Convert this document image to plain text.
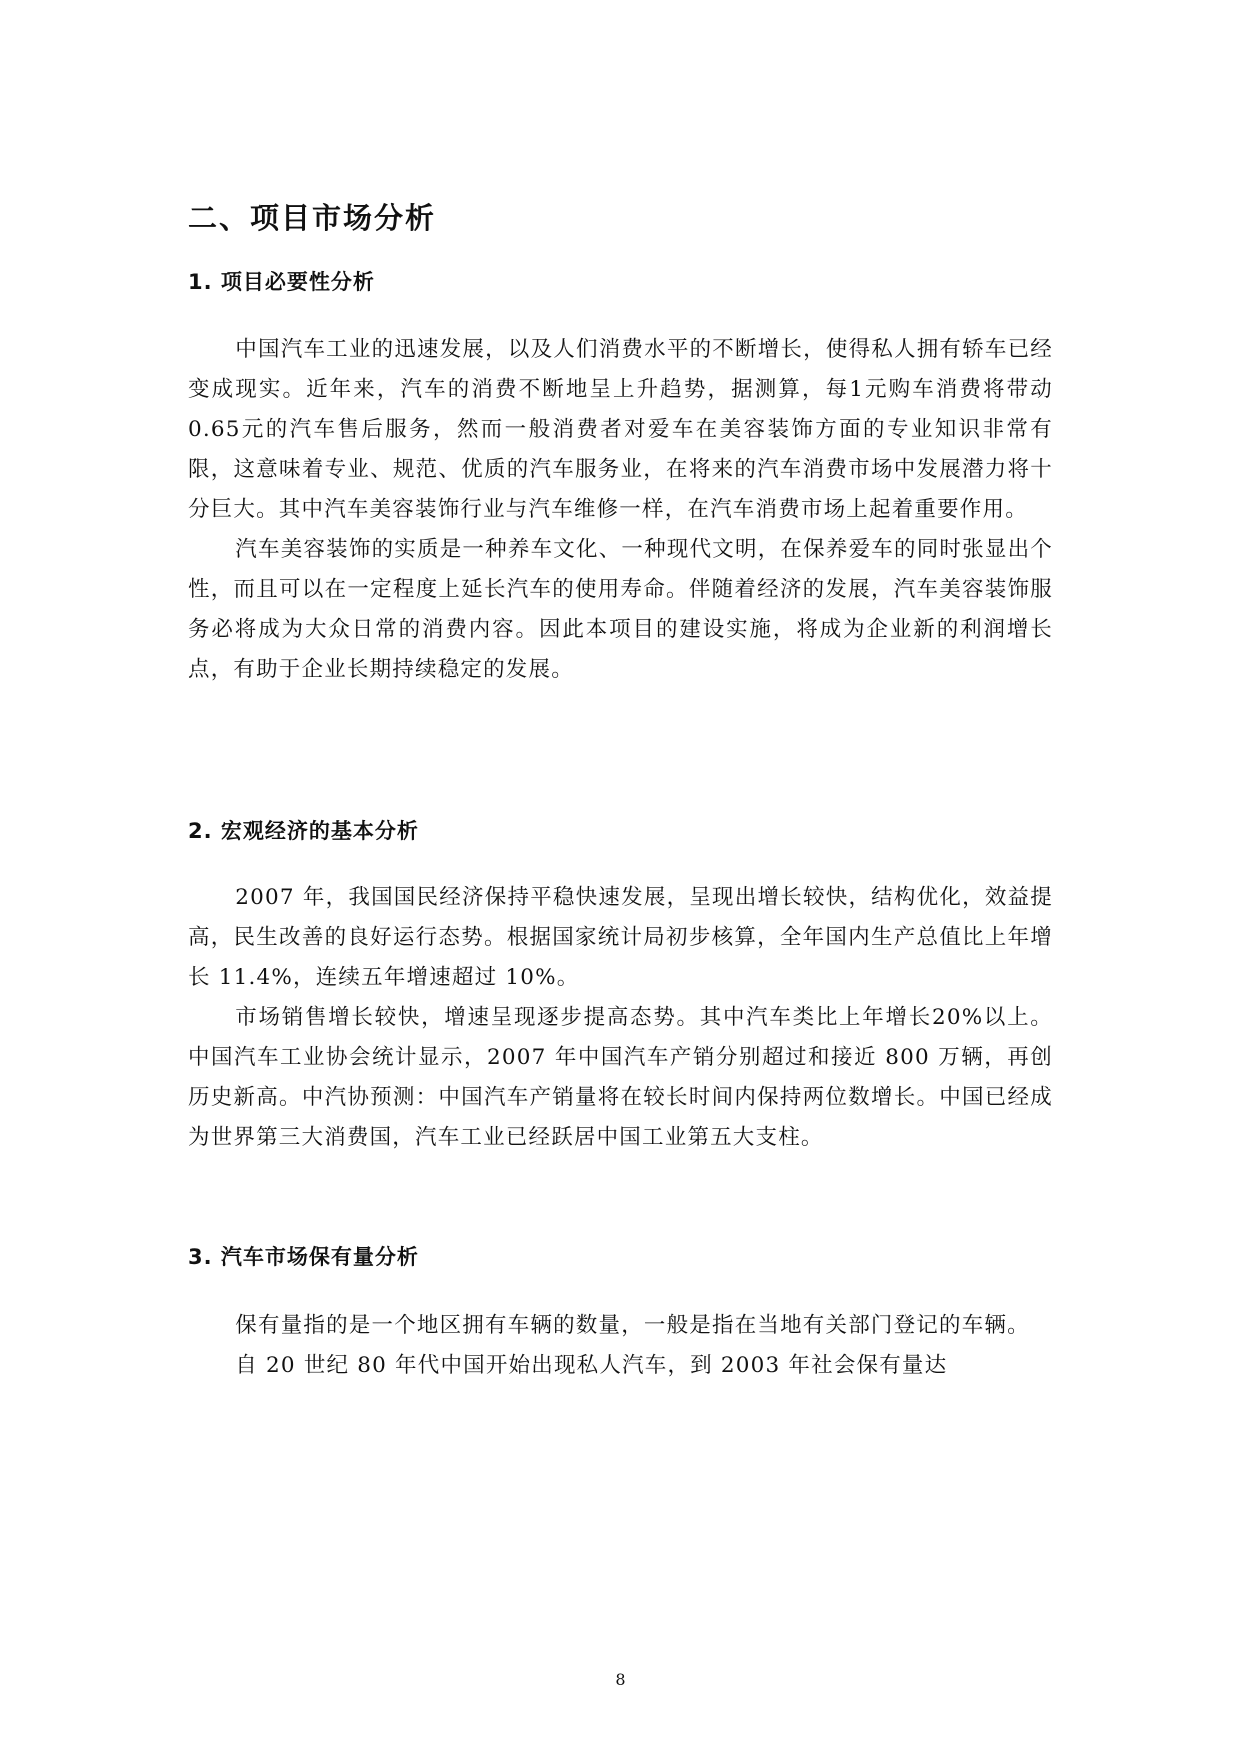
二、项目市场分析
1. 项目必要性分析

中国汽车工业的迅速发展，以及人们消费水平的不断增长，使得私人拥有轿车已经变成现实。近年来，汽车的消费不断地呈上升趋势，据测算，每1元购车消费将带动0.65元的汽车售后服务，然而一般消费者对爱车在美容装饰方面的专业知识非常有限，这意味着专业、规范、优质的汽车服务业，在将来的汽车消费市场中发展潜力将十分巨大。其中汽车美容装饰行业与汽车维修一样，在汽车消费市场上起着重要作用。

汽车美容装饰的实质是一种养车文化、一种现代文明，在保养爱车的同时张显出个性，而且可以在一定程度上延长汽车的使用寿命。伴随着经济的发展，汽车美容装饰服务必将成为大众日常的消费内容。因此本项目的建设实施，将成为企业新的利润增长点，有助于企业长期持续稳定的发展。

2. 宏观经济的基本分析

2007 年，我国国民经济保持平稳快速发展，呈现出增长较快，结构优化，效益提高，民生改善的良好运行态势。根据国家统计局初步核算，全年国内生产总值比上年增长 11.4%，连续五年增速超过 10%。

市场销售增长较快，增速呈现逐步提高态势。其中汽车类比上年增长20%以上。中国汽车工业协会统计显示，2007 年中国汽车产销分别超过和接近 800 万辆，再创历史新高。中汽协预测：中国汽车产销量将在较长时间内保持两位数增长。中国已经成为世界第三大消费国，汽车工业已经跃居中国工业第五大支柱。

3. 汽车市场保有量分析

保有量指的是一个地区拥有车辆的数量，一般是指在当地有关部门登记的车辆。

自 20 世纪 80 年代中国开始出现私人汽车，到 2003 年社会保有量达

8
